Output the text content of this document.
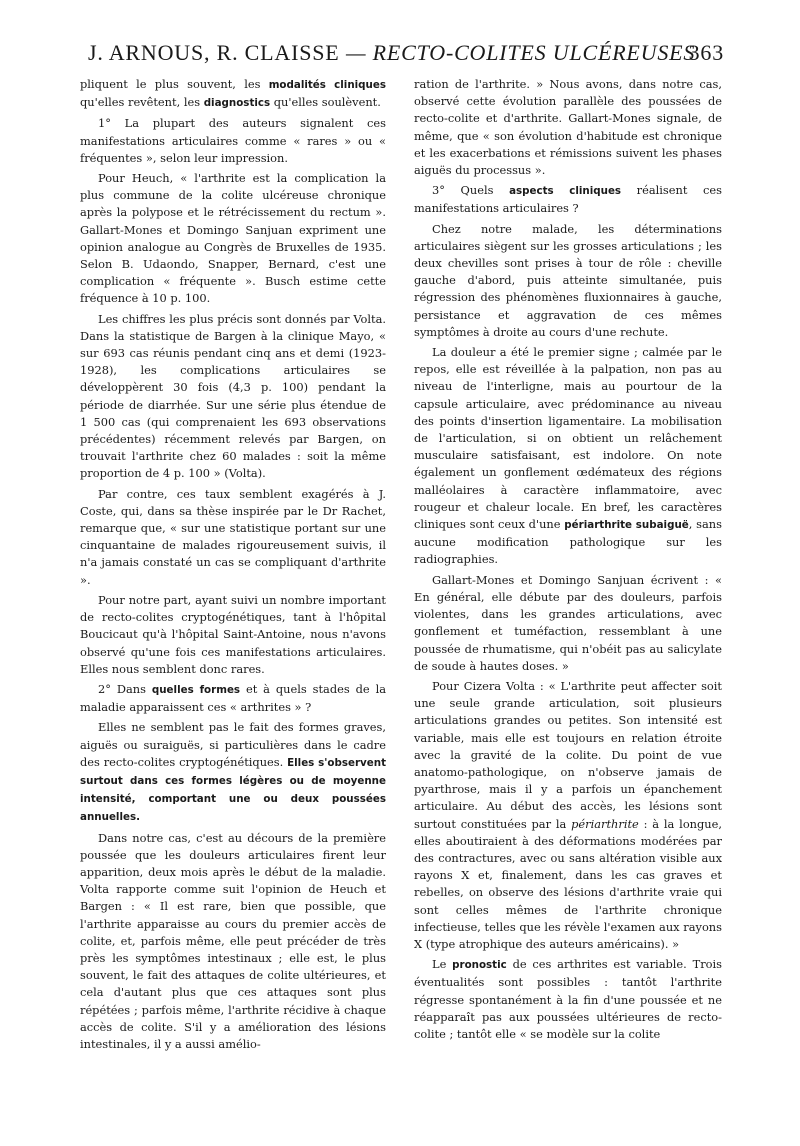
J. ARNOUS, R. CLAISSE — RECTO-COLITES ULCÉREUSES
363

pliquent le plus souvent, les modalités cliniques qu'elles revêtent, les diagnostics qu'elles soulèvent.

1° La plupart des auteurs signalent ces manifestations articulaires comme « rares » ou « fréquentes », selon leur impression.

Pour Heuch, « l'arthrite est la complication la plus commune de la colite ulcéreuse chronique après la polypose et le rétrécissement du rectum ». Gallart-Mones et Domingo Sanjuan expriment une opinion analogue au Congrès de Bruxelles de 1935. Selon B. Udaondo, Snapper, Bernard, c'est une complication « fréquente ». Busch estime cette fréquence à 10 p. 100.

Les chiffres les plus précis sont donnés par Volta. Dans la statistique de Bargen à la clinique Mayo, « sur 693 cas réunis pendant cinq ans et demi (1923-1928), les complications articulaires se développèrent 30 fois (4,3 p. 100) pendant la période de diarrhée. Sur une série plus étendue de 1 500 cas (qui comprenaient les 693 observations précédentes) récemment relevés par Bargen, on trouvait l'arthrite chez 60 malades : soit la même proportion de 4 p. 100 » (Volta).

Par contre, ces taux semblent exagérés à J. Coste, qui, dans sa thèse inspirée par le Dr Rachet, remarque que, « sur une statistique portant sur une cinquantaine de malades rigoureusement suivis, il n'a jamais constaté un cas se compliquant d'arthrite ».

Pour notre part, ayant suivi un nombre important de recto-colites cryptogénétiques, tant à l'hôpital Boucicaut qu'à l'hôpital Saint-Antoine, nous n'avons observé qu'une fois ces manifestations articulaires. Elles nous semblent donc rares.

2° Dans quelles formes et à quels stades de la maladie apparaissent ces « arthrites » ?

Elles ne semblent pas le fait des formes graves, aiguës ou suraiguës, si particulières dans le cadre des recto-colites cryptogénétiques. Elles s'observent surtout dans ces formes légères ou de moyenne intensité, comportant une ou deux poussées annuelles.

Dans notre cas, c'est au décours de la première poussée que les douleurs articulaires firent leur apparition, deux mois après le début de la maladie. Volta rapporte comme suit l'opinion de Heuch et Bargen : « Il est rare, bien que possible, que l'arthrite apparaisse au cours du premier accès de colite, et, parfois même, elle peut précéder de très près les symptômes intestinaux ; elle est, le plus souvent, le fait des attaques de colite ultérieures, et cela d'autant plus que ces attaques sont plus répétées ; parfois même, l'arthrite récidive à chaque accès de colite. S'il y a amélioration des lésions intestinales, il y a aussi amélio-

ration de l'arthrite. » Nous avons, dans notre cas, observé cette évolution parallèle des poussées de recto-colite et d'arthrite. Gallart-Mones signale, de même, que « son évolution d'habitude est chronique et les exacerbations et rémissions suivent les phases aiguës du processus ».

3° Quels aspects cliniques réalisent ces manifestations articulaires ?

Chez notre malade, les déterminations articulaires siègent sur les grosses articulations ; les deux chevilles sont prises à tour de rôle : cheville gauche d'abord, puis atteinte simultanée, puis régression des phénomènes fluxionnaires à gauche, persistance et aggravation de ces mêmes symptômes à droite au cours d'une rechute.

La douleur a été le premier signe ; calmée par le repos, elle est réveillée à la palpation, non pas au niveau de l'interligne, mais au pourtour de la capsule articulaire, avec prédominance au niveau des points d'insertion ligamentaire. La mobilisation de l'articulation, si on obtient un relâchement musculaire satisfaisant, est indolore. On note également un gonflement œdémateux des régions malléolaires à caractère inflammatoire, avec rougeur et chaleur locale. En bref, les caractères cliniques sont ceux d'une périarthrite subaiguë, sans aucune modification pathologique sur les radiographies.

Gallart-Mones et Domingo Sanjuan écrivent : « En général, elle débute par des douleurs, parfois violentes, dans les grandes articulations, avec gonflement et tuméfaction, ressemblant à une poussée de rhumatisme, qui n'obéit pas au salicylate de soude à hautes doses. »

Pour Cizera Volta : « L'arthrite peut affecter soit une seule grande articulation, soit plusieurs articulations grandes ou petites. Son intensité est variable, mais elle est toujours en relation étroite avec la gravité de la colite. Du point de vue anatomo-pathologique, on n'observe jamais de pyarthrose, mais il y a parfois un épanchement articulaire. Au début des accès, les lésions sont surtout constituées par la périarthrite : à la longue, elles aboutiraient à des déformations modérées par des contractures, avec ou sans altération visible aux rayons X et, finalement, dans les cas graves et rebelles, on observe des lésions d'arthrite vraie qui sont celles mêmes de l'arthrite chronique infectieuse, telles que les révèle l'examen aux rayons X (type atrophique des auteurs américains). »

Le pronostic de ces arthrites est variable. Trois éventualités sont possibles : tantôt l'arthrite régresse spontanément à la fin d'une poussée et ne réapparaît pas aux poussées ultérieures de recto-colite ; tantôt elle « se modèle sur la colite
